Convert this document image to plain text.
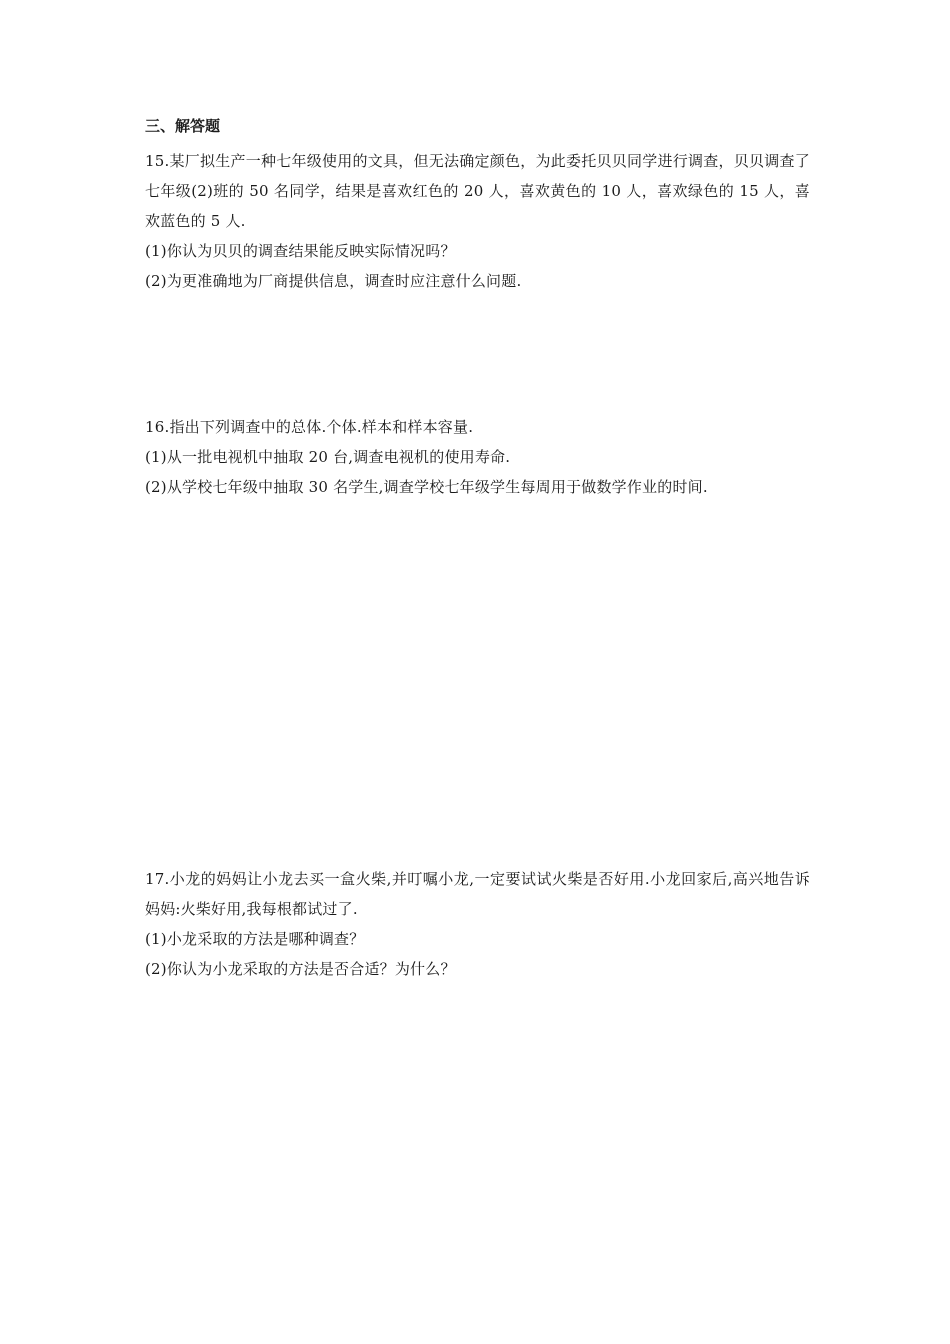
三、解答题

15.某厂拟生产一种七年级使用的文具，但无法确定颜色，为此委托贝贝同学进行调查，贝贝调查了七年级(2)班的 50 名同学，结果是喜欢红色的 20 人，喜欢黄色的 10 人，喜欢绿色的 15 人，喜欢蓝色的 5 人.

(1)你认为贝贝的调查结果能反映实际情况吗？

(2)为更准确地为厂商提供信息，调查时应注意什么问题.

16.指出下列调查中的总体.个体.样本和样本容量.

(1)从一批电视机中抽取 20 台,调查电视机的使用寿命.

(2)从学校七年级中抽取 30 名学生,调查学校七年级学生每周用于做数学作业的时间.

17.小龙的妈妈让小龙去买一盒火柴,并叮嘱小龙,一定要试试火柴是否好用.小龙回家后,高兴地告诉妈妈:火柴好用,我每根都试过了.

(1)小龙采取的方法是哪种调查？

(2)你认为小龙采取的方法是否合适？为什么？
